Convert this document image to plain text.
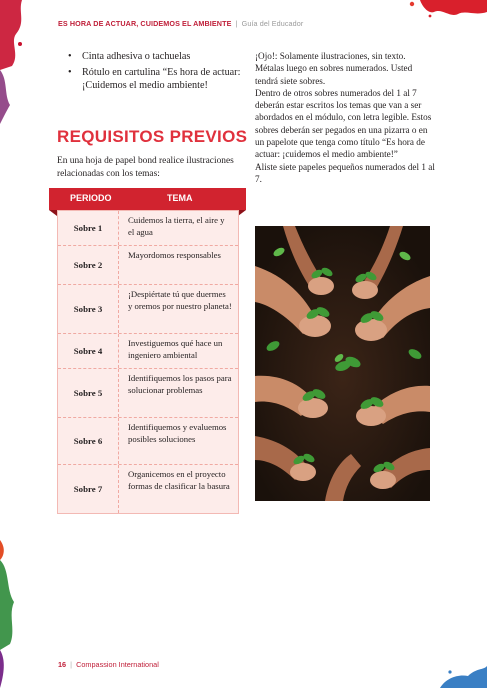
ES HORA DE ACTUAR, CUIDEMOS EL AMBIENTE | Guía del Educador
• Cinta adhesiva o tachuelas
• Rótulo en cartulina “Es hora de actuar: ¡Cuidemos el medio ambiente!
REQUISITOS PREVIOS
En una hoja de papel bond realice ilustraciones relacionadas con los temas:
PERIODO	TEMA
Sobre 1
Cuidemos la tierra, el aire y el agua
Sobre 2
Mayordomos responsables
Sobre 3
¡Despiértate tú que duermes y oremos por nuestro planeta!
Sobre 4
Investiguemos qué hace un ingeniero ambiental
Sobre 5
Identifiquemos los pasos para solucionar problemas
Sobre 6
Identifiquemos y evaluemos posibles soluciones
Sobre 7
Organicemos en el proyecto formas de clasificar la basura

¡Ojo!: Solamente ilustraciones, sin texto. Métalas luego en sobres numerados. Usted tendrá siete sobres.

Dentro de otros sobres numerados del 1 al 7 deberán estar escritos los temas que van a ser abordados en el módulo, con letra legible. Estos sobres deberán ser pegados en una pizarra o en un papelote que tenga como título “Es hora de actuar: ¡cuidemos el medio ambiente!”

Aliste siete papeles pequeños numerados del 1 al 7.

16 | Compassion International
